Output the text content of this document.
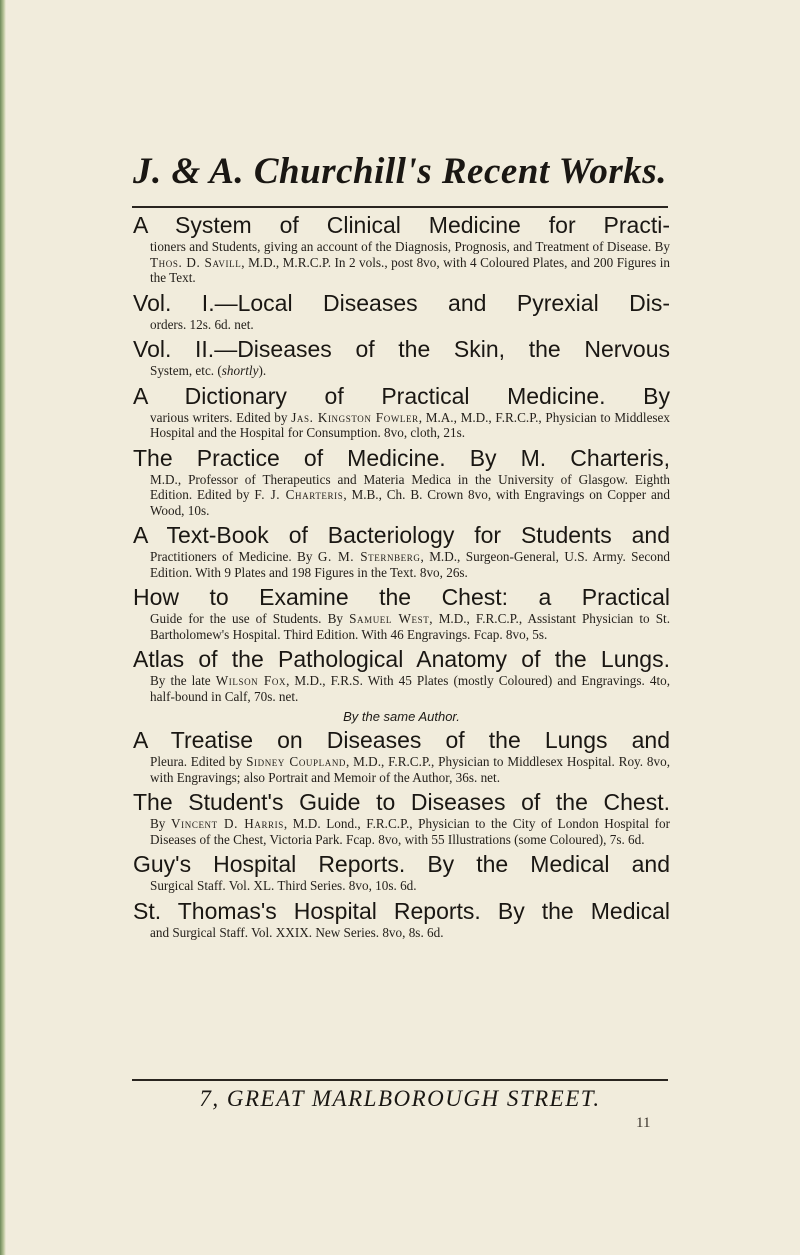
J. & A. Churchill's Recent Works.
A System of Clinical Medicine for Practi-
tioners and Students, giving an account of the Diagnosis, Prognosis, and Treatment of Disease. By Thos. D. Savill, M.D., M.R.C.P. In 2 vols., post 8vo, with 4 Coloured Plates, and 200 Figures in the Text.
Vol. I.—Local Diseases and Pyrexial Dis-
orders. 12s. 6d. net.
Vol. II.—Diseases of the Skin, the Nervous
System, etc. (shortly).
A Dictionary of Practical Medicine. By
various writers. Edited by Jas. Kingston Fowler, M.A., M.D., F.R.C.P., Physician to Middlesex Hospital and the Hospital for Consumption. 8vo, cloth, 21s.
The Practice of Medicine. By M. Charteris,
M.D., Professor of Therapeutics and Materia Medica in the University of Glasgow. Eighth Edition. Edited by F. J. Charteris, M.B., Ch. B. Crown 8vo, with Engravings on Copper and Wood, 10s.
A Text-Book of Bacteriology for Students and
Practitioners of Medicine. By G. M. Sternberg, M.D., Surgeon-General, U.S. Army. Second Edition. With 9 Plates and 198 Figures in the Text. 8vo, 26s.
How to Examine the Chest: a Practical
Guide for the use of Students. By Samuel West, M.D., F.R.C.P., Assistant Physician to St. Bartholomew's Hospital. Third Edition. With 46 Engravings. Fcap. 8vo, 5s.
Atlas of the Pathological Anatomy of the Lungs.
By the late Wilson Fox, M.D., F.R.S. With 45 Plates (mostly Coloured) and Engravings. 4to, half-bound in Calf, 70s. net.
By the same Author.
A Treatise on Diseases of the Lungs and
Pleura. Edited by Sidney Coupland, M.D., F.R.C.P., Physician to Middlesex Hospital. Roy. 8vo, with Engravings; also Portrait and Memoir of the Author, 36s. net.
The Student's Guide to Diseases of the Chest.
By Vincent D. Harris, M.D. Lond., F.R.C.P., Physician to the City of London Hospital for Diseases of the Chest, Victoria Park. Fcap. 8vo, with 55 Illustrations (some Coloured), 7s. 6d.
Guy's Hospital Reports. By the Medical and
Surgical Staff. Vol. XL. Third Series. 8vo, 10s. 6d.
St. Thomas's Hospital Reports. By the Medical
and Surgical Staff. Vol. XXIX. New Series. 8vo, 8s. 6d.
7, GREAT MARLBOROUGH STREET.
11
